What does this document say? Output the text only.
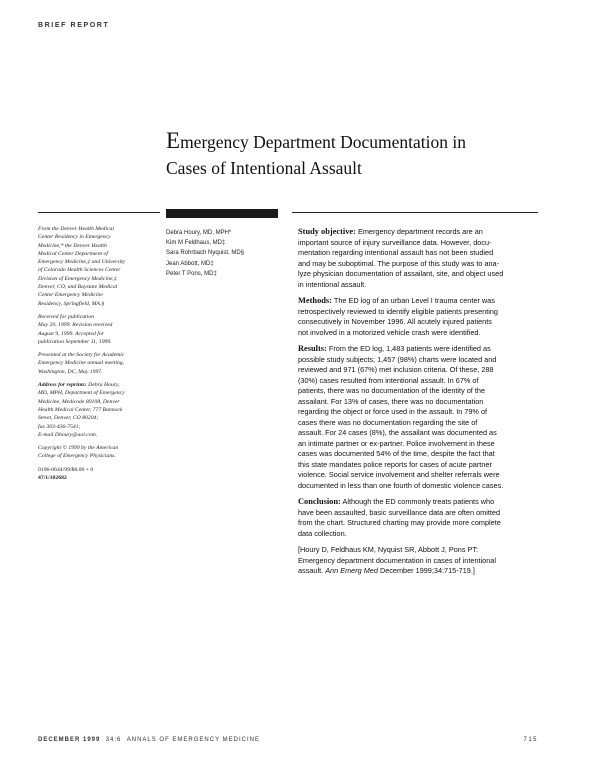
BRIEF REPORT
Emergency Department Documentation in
Cases of Intentional Assault

From the Denver Health Medical
Center Residency in Emergency
Medicine,* the Denver Health
Medical Center Department of
Emergency Medicine,‡ and University
of Colorado Health Sciences Center
Division of Emergency Medicine,‡
Denver, CO, and Baystate Medical
Center Emergency Medicine
Residency, Springfield, MA.§

Received for publication
May 20, 1999. Revision received
August 9, 1999. Accepted for
publication September 11, 1999.

Presented at the Society for Academic
Emergency Medicine annual meeting,
Washington, DC, May 1997.

Address for reprints: Debra Houry,
MD, MPH, Department of Emergency
Medicine, Medicode 80108, Denver
Health Medical Center, 777 Bannock
Street, Denver, CO 80204;
fax 303-436-7541;
E-mail Dhoury@aol.com.

Copyright © 1999 by the American
College of Emergency Physicians.

0196-0644/99/$8.00 + 0
47/1/102682

Debra Houry, MD, MPH*
Kim M Feldhaus, MD‡
Sara Rohrbach Nyquist, MD§
Jean Abbott, MD‡
Peter T Pons, MD‡

Study objective: Emergency department records are an
important source of injury surveillance data. However, docu-
mentation regarding intentional assault has not been studied
and may be suboptimal. The purpose of this study was to ana-
lyze physician documentation of assailant, site, and object used
in intentional assault.

Methods: The ED log of an urban Level I trauma center was
retrospectively reviewed to identify eligible patients presenting
consecutively in November 1996. All acutely injured patients
not involved in a motorized vehicle crash were identified.

Results: From the ED log, 1,483 patients were identified as
possible study subjects; 1,457 (98%) charts were located and
reviewed and 971 (67%) met inclusion criteria. Of these, 288
(30%) cases resulted from intentional assault. In 67% of
patients, there was no documentation of the identity of the
assailant. For 13% of cases, there was no documentation
regarding the object or force used in the assault. In 79% of
cases there was no documentation regarding the site of
assault. For 24 cases (8%), the assailant was documented as
an intimate partner or ex-partner. Police involvement in these
cases was documented 54% of the time, despite the fact that
this state mandates police reports for cases of acute partner
violence. Social service involvement and shelter referrals were
documented in less than one fourth of domestic violence cases.

Conclusion: Although the ED commonly treats patients who
have been assaulted, basic surveillance data are often omitted
from the chart. Structured charting may provide more complete
data collection.

[Houry D, Feldhaus KM, Nyquist SR, Abbott J, Pons PT:
Emergency department documentation in cases of intentional
assault. Ann Emerg Med December 1999;34:715-719.]

DECEMBER 1999 34:6 ANNALS OF EMERGENCY MEDICINE	715
